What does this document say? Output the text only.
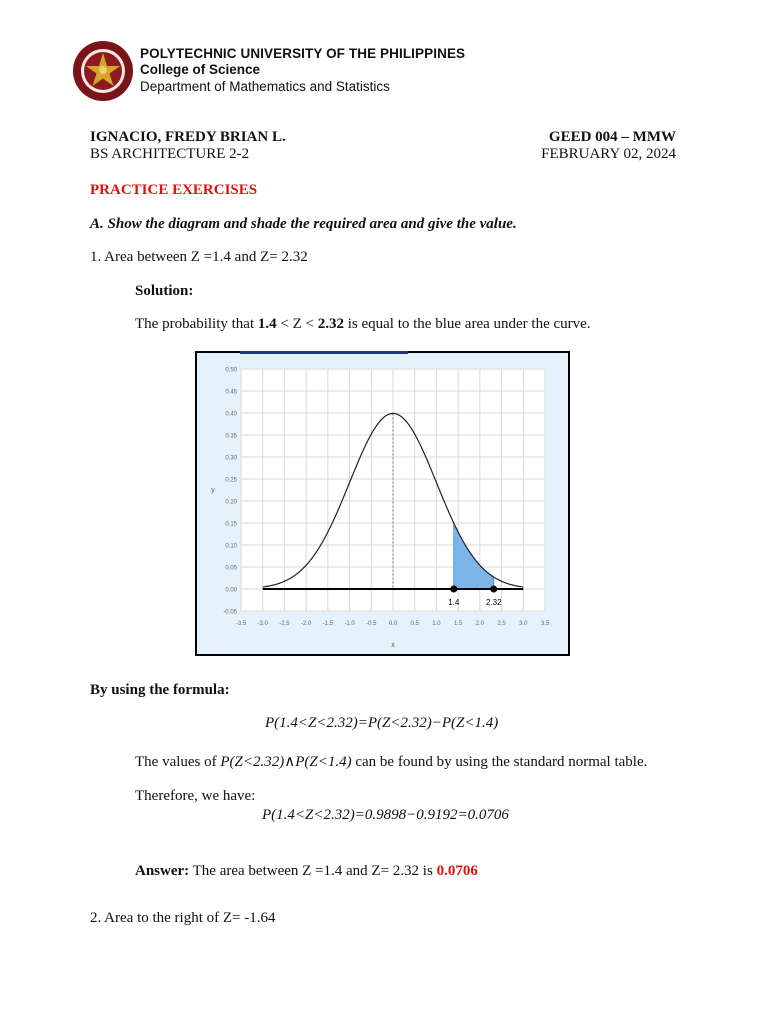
POLYTECHNIC UNIVERSITY OF THE PHILIPPINES
College of Science
Department of Mathematics and Statistics
IGNACIO, FREDY BRIAN L.
BS ARCHITECTURE 2-2
GEED 004 – MMW
FEBRUARY 02, 2024
PRACTICE EXERCISES
A. Show the diagram and shade the required area and give the value.
1. Area between Z =1.4 and Z= 2.32
Solution:
The probability that 1.4 < Z < 2.32 is equal to the blue area under the curve.
0.50
0.45
0.40
0.35
0.30
0.25
0.20
0.15
0.10
0.05
0.00
-0.05
-3.5 -3.0 -2.5 -2.0 -1.5 -1.0 -0.5 0.0 0.5 1.0 1.5 2.0 2.5 3.0 3.5
y
x
1.4	2.32
By using the formula:
P(1.4<Z<2.32)=P(Z<2.32)−P(Z<1.4)
The values of P(Z<2.32)∧P(Z<1.4) can be found by using the standard normal table.
Therefore, we have:
P(1.4<Z<2.32)=0.9898−0.9192=0.0706
Answer: The area between Z =1.4 and Z= 2.32 is 0.0706
2. Area to the right of Z= -1.64
